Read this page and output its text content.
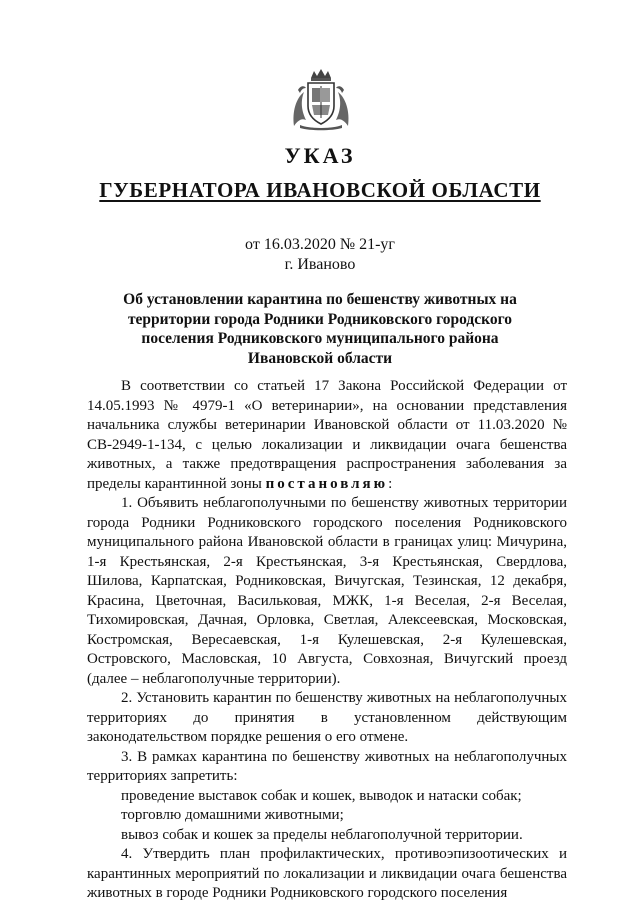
УКАЗ
ГУБЕРНАТОРА ИВАНОВСКОЙ ОБЛАСТИ
от 16.03.2020 № 21-уг
г. Иваново
Об установлении карантина по бешенству животных на территории города Родники Родниковского городского поселения Родниковского муниципального района Ивановской области

В соответствии со статьей 17 Закона Российской Федерации от 14.05.1993 № 4979-1 «О ветеринарии», на основании представления начальника службы ветеринарии Ивановской области от 11.03.2020 № СВ-2949-1-134, с целью локализации и ликвидации очага бешенства животных, а также предотвращения распространения заболевания за пределы карантинной зоны постановляю:

1. Объявить неблагополучными по бешенству животных территории города Родники Родниковского городского поселения Родниковского муниципального района Ивановской области в границах улиц: Мичурина, 1-я Крестьянская, 2-я Крестьянская, 3-я Крестьянская, Свердлова, Шилова, Карпатская, Родниковская, Вичугская, Тезинская, 12 декабря, Красина, Цветочная, Васильковая, МЖК, 1-я Веселая, 2-я Веселая, Тихомировская, Дачная, Орловка, Светлая, Алексеевская, Московская, Костромская, Вересаевская, 1-я Кулешевская, 2-я Кулешевская, Островского, Масловская, 10 Августа, Совхозная, Вичугский проезд (далее – неблагополучные территории).

2. Установить карантин по бешенству животных на неблагополучных территориях до принятия в установленном действующим законодательством порядке решения о его отмене.

3. В рамках карантина по бешенству животных на неблагополучных территориях запретить:

проведение выставок собак и кошек, выводок и натаски собак;

торговлю домашними животными;

вывоз собак и кошек за пределы неблагополучной территории.

4. Утвердить план профилактических, противоэпизоотических и карантинных мероприятий по локализации и ликвидации очага бешенства животных в городе Родники Родниковского городского поселения
